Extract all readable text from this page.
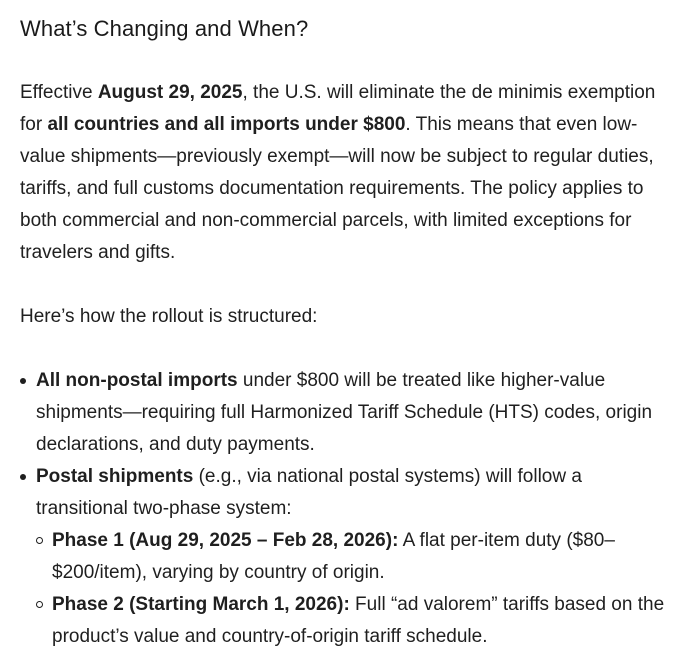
What’s Changing and When?

Effective August 29, 2025, the U.S. will eliminate the de minimis exemption for all countries and all imports under $800. This means that even low-value shipments—previously exempt—will now be subject to regular duties, tariffs, and full customs documentation requirements. The policy applies to both commercial and non-commercial parcels, with limited exceptions for travelers and gifts.

Here’s how the rollout is structured:

All non-postal imports under $800 will be treated like higher-value shipments—requiring full Harmonized Tariff Schedule (HTS) codes, origin declarations, and duty payments.
Postal shipments (e.g., via national postal systems) will follow a transitional two-phase system:
Phase 1 (Aug 29, 2025 – Feb 28, 2026): A flat per-item duty ($80–$200/item), varying by country of origin.
Phase 2 (Starting March 1, 2026): Full “ad valorem” tariffs based on the product’s value and country-of-origin tariff schedule.
